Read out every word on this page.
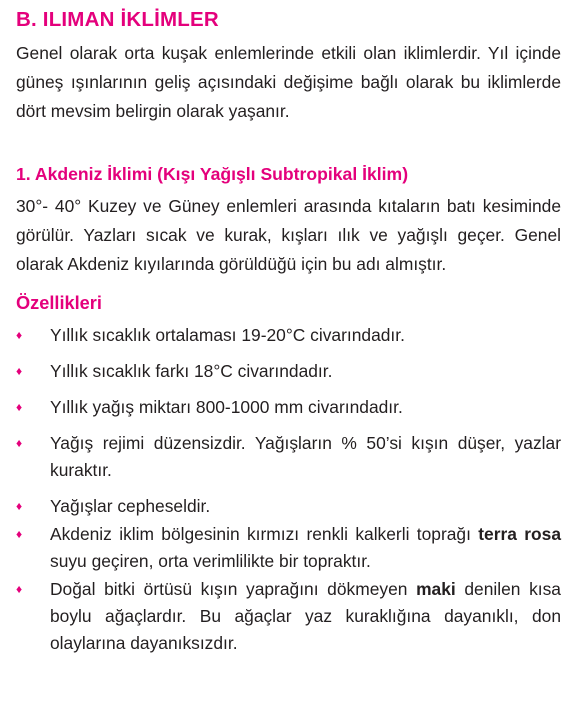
B. ILIMAN İKLİMLER

Genel olarak orta kuşak enlemlerinde etkili olan iklimlerdir. Yıl içinde güneş ışınlarının geliş açısındaki değişime bağlı olarak bu iklimlerde dört mevsim belirgin olarak yaşanır.

1. Akdeniz İklimi (Kışı Yağışlı Subtropikal İklim)

30°- 40° Kuzey ve Güney enlemleri arasında kıtaların batı kesiminde görülür. Yazları sıcak ve kurak, kışları ılık ve yağışlı geçer. Genel olarak Akdeniz kıyılarında görüldüğü için bu adı almıştır.

Özellikleri
♦ Yıllık sıcaklık ortalaması 19-20°C civarındadır.
♦ Yıllık sıcaklık farkı 18°C civarındadır.
♦ Yıllık yağış miktarı 800-1000 mm civarındadır.
♦ Yağış rejimi düzensizdir. Yağışların % 50’si kışın düşer, yazlar kuraktır.
♦ Yağışlar cepheseldir.
♦ Akdeniz iklim bölgesinin kırmızı renkli kalkerli toprağı terra rosa suyu geçiren, orta verimlilikte bir topraktır.
♦ Doğal bitki örtüsü kışın yaprağını dökmeyen maki denilen kısa boylu ağaçlardır. Bu ağaçlar yaz kuraklığına dayanıklı, don olaylarına dayanıksızdır.
